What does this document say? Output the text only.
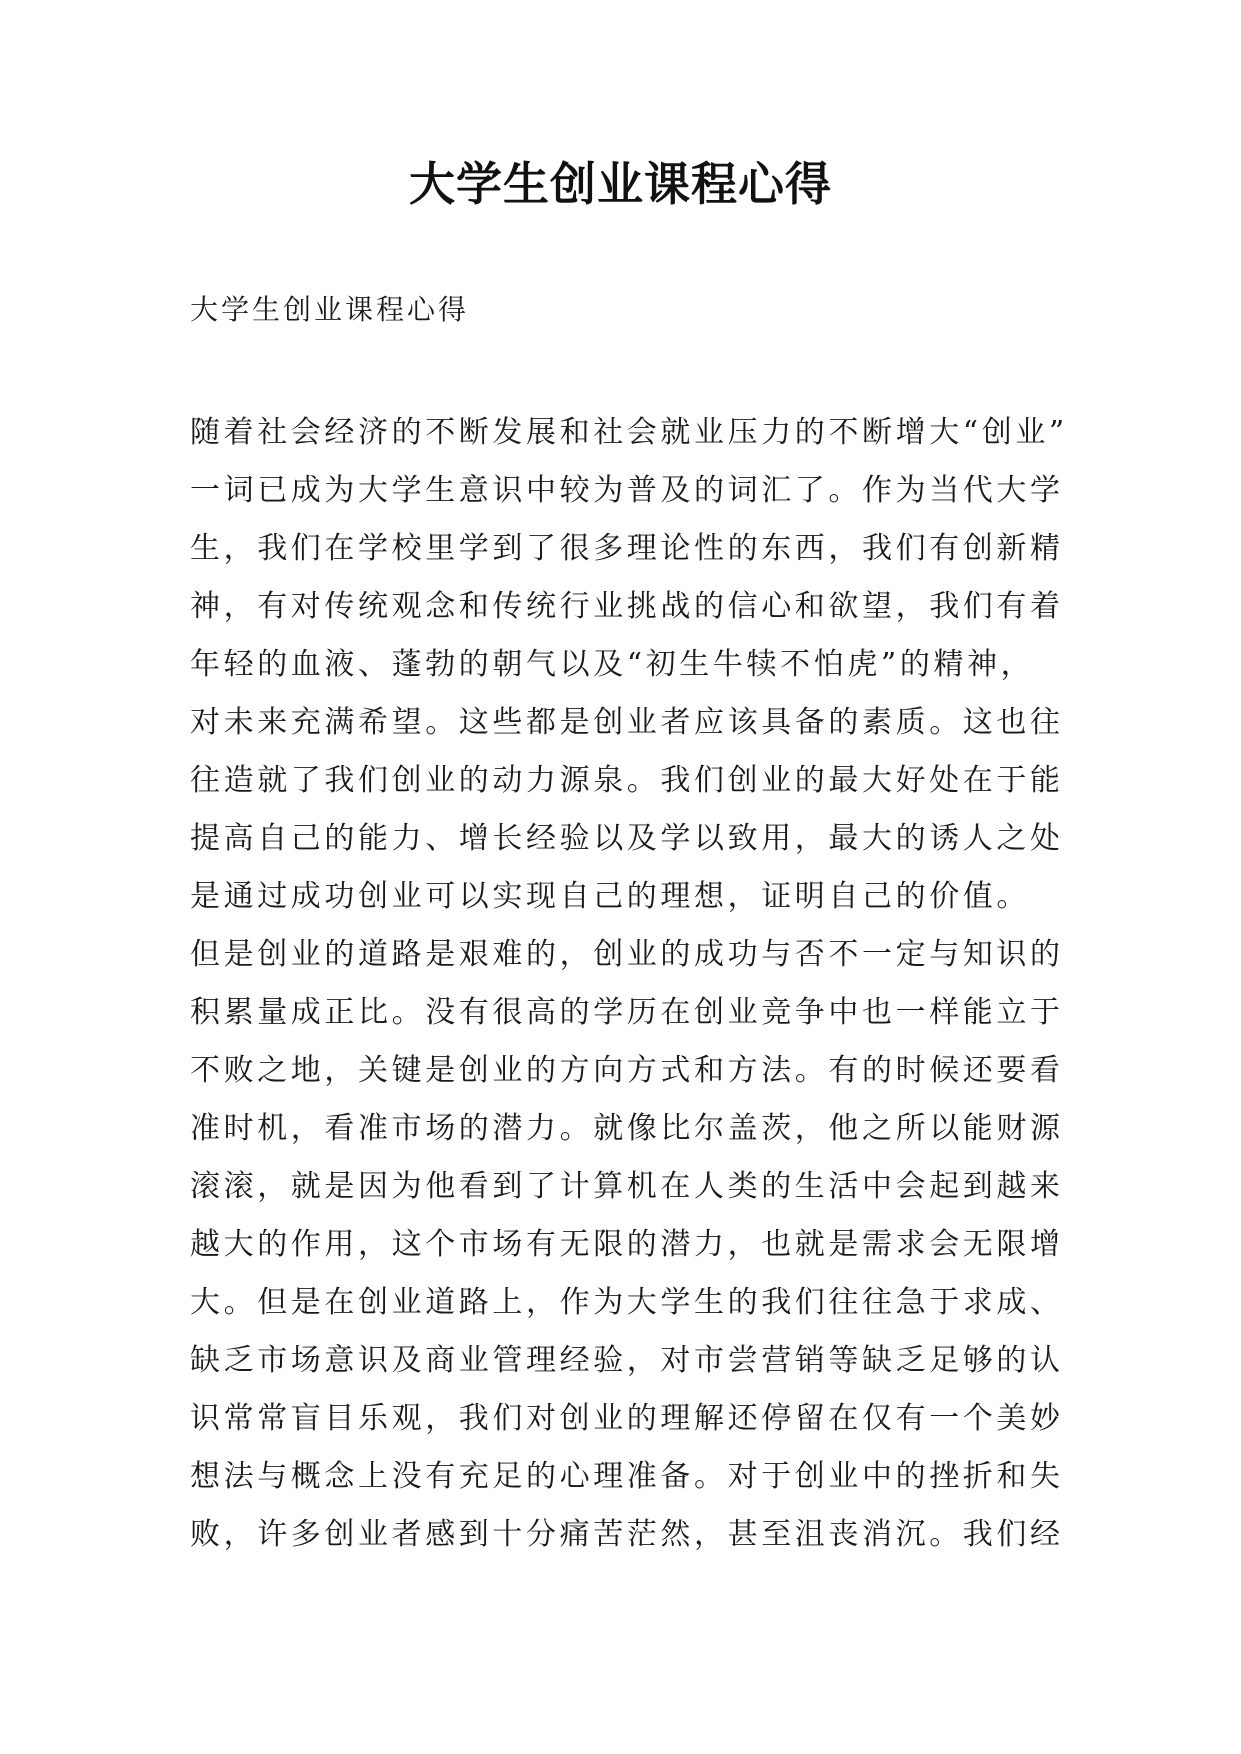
大学生创业课程心得

大学生创业课程心得

随着社会经济的不断发展和社会就业压力的不断增大“创业”
一词已成为大学生意识中较为普及的词汇了。作为当代大学
生，我们在学校里学到了很多理论性的东西，我们有创新精
神，有对传统观念和传统行业挑战的信心和欲望，我们有着
年轻的血液、蓬勃的朝气以及“初生牛犊不怕虎”的精神，
对未来充满希望。这些都是创业者应该具备的素质。这也往
往造就了我们创业的动力源泉。我们创业的最大好处在于能
提高自己的能力、增长经验以及学以致用，最大的诱人之处
是通过成功创业可以实现自己的理想，证明自己的价值。
但是创业的道路是艰难的，创业的成功与否不一定与知识的
积累量成正比。没有很高的学历在创业竞争中也一样能立于
不败之地，关键是创业的方向方式和方法。有的时候还要看
准时机，看准市场的潜力。就像比尔盖茨，他之所以能财源
滚滚，就是因为他看到了计算机在人类的生活中会起到越来
越大的作用，这个市场有无限的潜力，也就是需求会无限增
大。但是在创业道路上，作为大学生的我们往往急于求成、
缺乏市场意识及商业管理经验，对市尝营销等缺乏足够的认
识常常盲目乐观，我们对创业的理解还停留在仅有一个美妙
想法与概念上没有充足的心理准备。对于创业中的挫折和失
败，许多创业者感到十分痛苦茫然，甚至沮丧消沉。我们经
